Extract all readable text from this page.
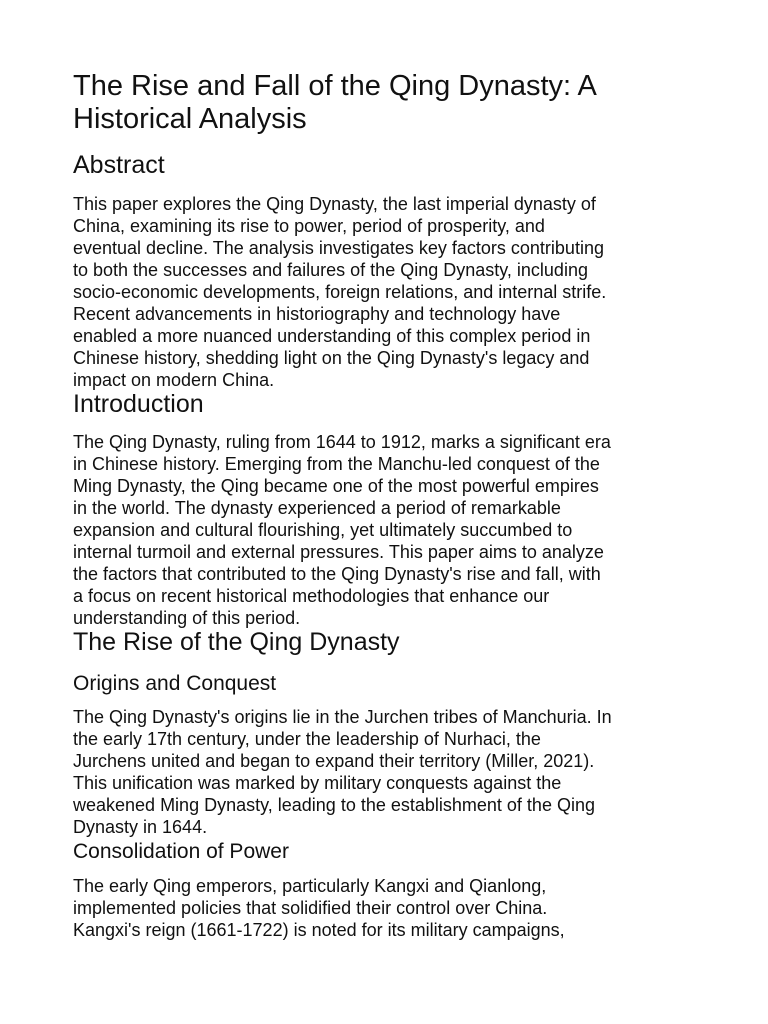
The Rise and Fall of the Qing Dynasty: A
Historical Analysis
Abstract

This paper explores the Qing Dynasty, the last imperial dynasty of
China, examining its rise to power, period of prosperity, and
eventual decline. The analysis investigates key factors contributing
to both the successes and failures of the Qing Dynasty, including
socio-economic developments, foreign relations, and internal strife.
Recent advancements in historiography and technology have
enabled a more nuanced understanding of this complex period in
Chinese history, shedding light on the Qing Dynasty's legacy and
impact on modern China.

Introduction

The Qing Dynasty, ruling from 1644 to 1912, marks a significant era
in Chinese history. Emerging from the Manchu-led conquest of the
Ming Dynasty, the Qing became one of the most powerful empires
in the world. The dynasty experienced a period of remarkable
expansion and cultural flourishing, yet ultimately succumbed to
internal turmoil and external pressures. This paper aims to analyze
the factors that contributed to the Qing Dynasty's rise and fall, with
a focus on recent historical methodologies that enhance our
understanding of this period.

The Rise of the Qing Dynasty
Origins and Conquest

The Qing Dynasty's origins lie in the Jurchen tribes of Manchuria. In
the early 17th century, under the leadership of Nurhaci, the
Jurchens united and began to expand their territory (Miller, 2021).
This unification was marked by military conquests against the
weakened Ming Dynasty, leading to the establishment of the Qing
Dynasty in 1644.

Consolidation of Power

The early Qing emperors, particularly Kangxi and Qianlong,
implemented policies that solidified their control over China.
Kangxi's reign (1661-1722) is noted for its military campaigns,
